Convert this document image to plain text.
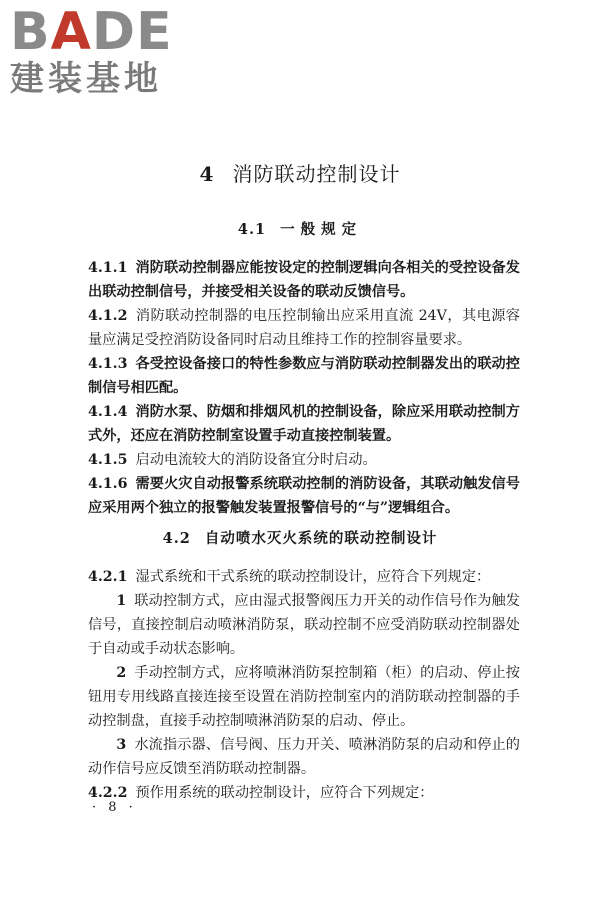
BADE
建装基地
4 消防联动控制设计
4.1 一般规定

4.1.1 消防联动控制器应能按设定的控制逻辑向各相关的受控设备发出联动控制信号，并接受相关设备的联动反馈信号。

4.1.2 消防联动控制器的电压控制输出应采用直流 24V，其电源容量应满足受控消防设备同时启动且维持工作的控制容量要求。

4.1.3 各受控设备接口的特性参数应与消防联动控制器发出的联动控制信号相匹配。

4.1.4 消防水泵、防烟和排烟风机的控制设备，除应采用联动控制方式外，还应在消防控制室设置手动直接控制装置。

4.1.5 启动电流较大的消防设备宜分时启动。

4.1.6 需要火灾自动报警系统联动控制的消防设备，其联动触发信号应采用两个独立的报警触发装置报警信号的“与”逻辑组合。

4.2 自动喷水灭火系统的联动控制设计

4.2.1 湿式系统和干式系统的联动控制设计，应符合下列规定：

1 联动控制方式，应由湿式报警阀压力开关的动作信号作为触发信号，直接控制启动喷淋消防泵，联动控制不应受消防联动控制器处于自动或手动状态影响。

2 手动控制方式，应将喷淋消防泵控制箱（柜）的启动、停止按钮用专用线路直接连接至设置在消防控制室内的消防联动控制器的手动控制盘，直接手动控制喷淋消防泵的启动、停止。

3 水流指示器、信号阀、压力开关、喷淋消防泵的启动和停止的动作信号应反馈至消防联动控制器。

4.2.2 预作用系统的联动控制设计，应符合下列规定：

· 8 ·
